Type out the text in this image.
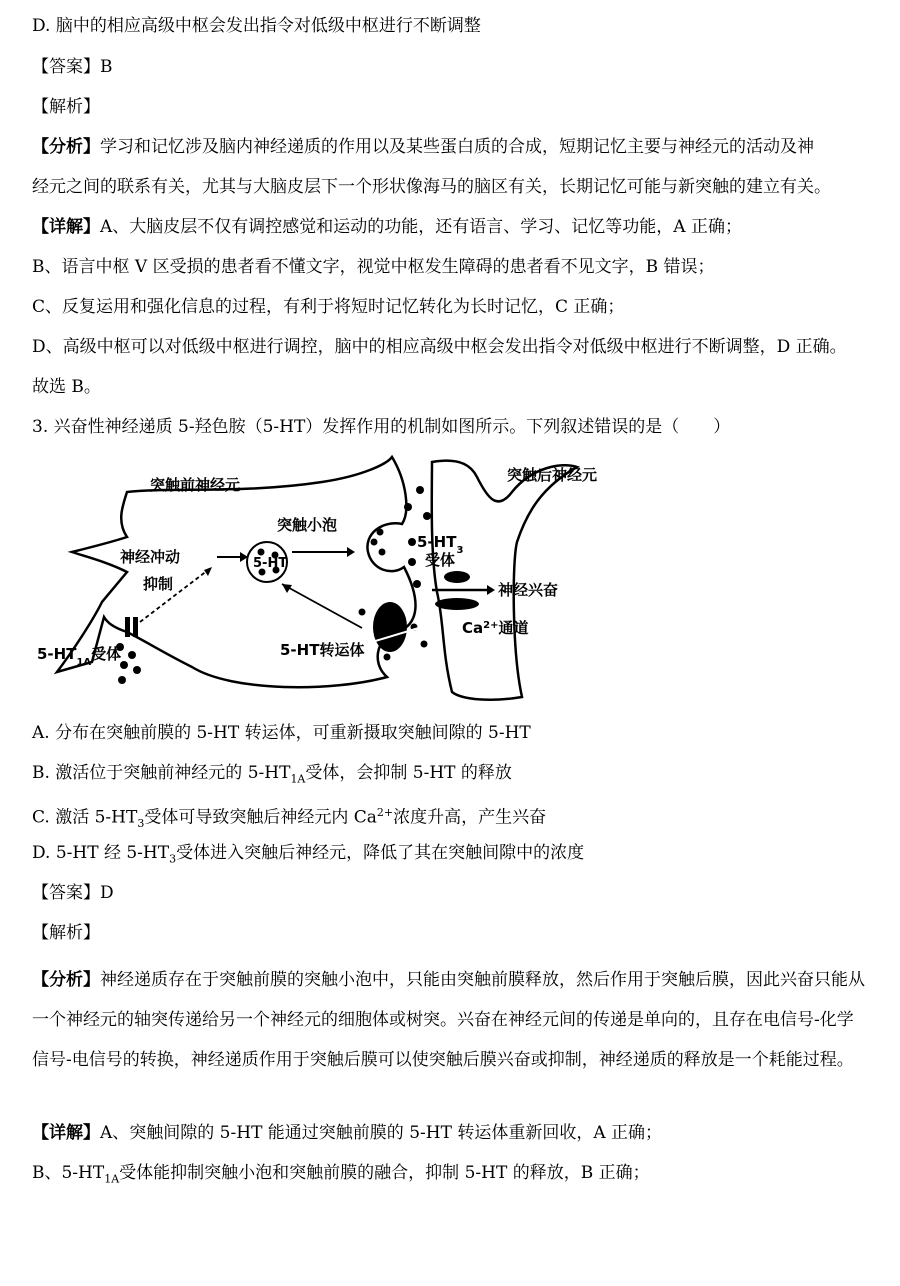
D. 脑中的相应高级中枢会发出指令对低级中枢进行不断调整
【答案】B
【解析】
【分析】学习和记忆涉及脑内神经递质的作用以及某些蛋白质的合成，短期记忆主要与神经元的活动及神
经元之间的联系有关，尤其与大脑皮层下一个形状像海马的脑区有关，长期记忆可能与新突触的建立有关。
【详解】A、大脑皮层不仅有调控感觉和运动的功能，还有语言、学习、记忆等功能，A 正确；
B、语言中枢 V 区受损的患者看不懂文字，视觉中枢发生障碍的患者看不见文字，B 错误；
C、反复运用和强化信息的过程，有利于将短时记忆转化为长时记忆，C 正确；
D、高级中枢可以对低级中枢进行调控，脑中的相应高级中枢会发出指令对低级中枢进行不断调整，D 正确。
故选 B。
3. 兴奋性神经递质 5-羟色胺（5-HT）发挥作用的机制如图所示。下列叙述错误的是（　　）
突触前神经元
突触后神经元
突触小泡
神经冲动
抑制
5-HT
$5-HT_3$
受体
神经兴奋
$Ca^{2+}$通道
5-HT转运体
$5-HT_{1A}$受体
A. 分布在突触前膜的 5-HT 转运体，可重新摄取突触间隙的 5-HT
B. 激活位于突触前神经元的 $5-HT_{1A}$受体，会抑制 5-HT 的释放
C. 激活 $5-HT_3$受体可导致突触后神经元内 $Ca^{2+}$浓度升高，产生兴奋
D. 5-HT 经 $5-HT_3$受体进入突触后神经元，降低了其在突触间隙中的浓度
【答案】D
【解析】
【分析】神经递质存在于突触前膜的突触小泡中，只能由突触前膜释放，然后作用于突触后膜，因此兴奋只能从一个神经元的轴突传递给另一个神经元的细胞体或树突。兴奋在神经元间的传递是单向的，且存在电信号-化学信号-电信号的转换，神经递质作用于突触后膜可以使突触后膜兴奋或抑制，神经递质的释放是一个耗能过程。
【详解】A、突触间隙的 5-HT 能通过突触前膜的 5-HT 转运体重新回收，A 正确；
B、$5-HT_{1A}$受体能抑制突触小泡和突触前膜的融合，抑制 5-HT 的释放，B 正确；
